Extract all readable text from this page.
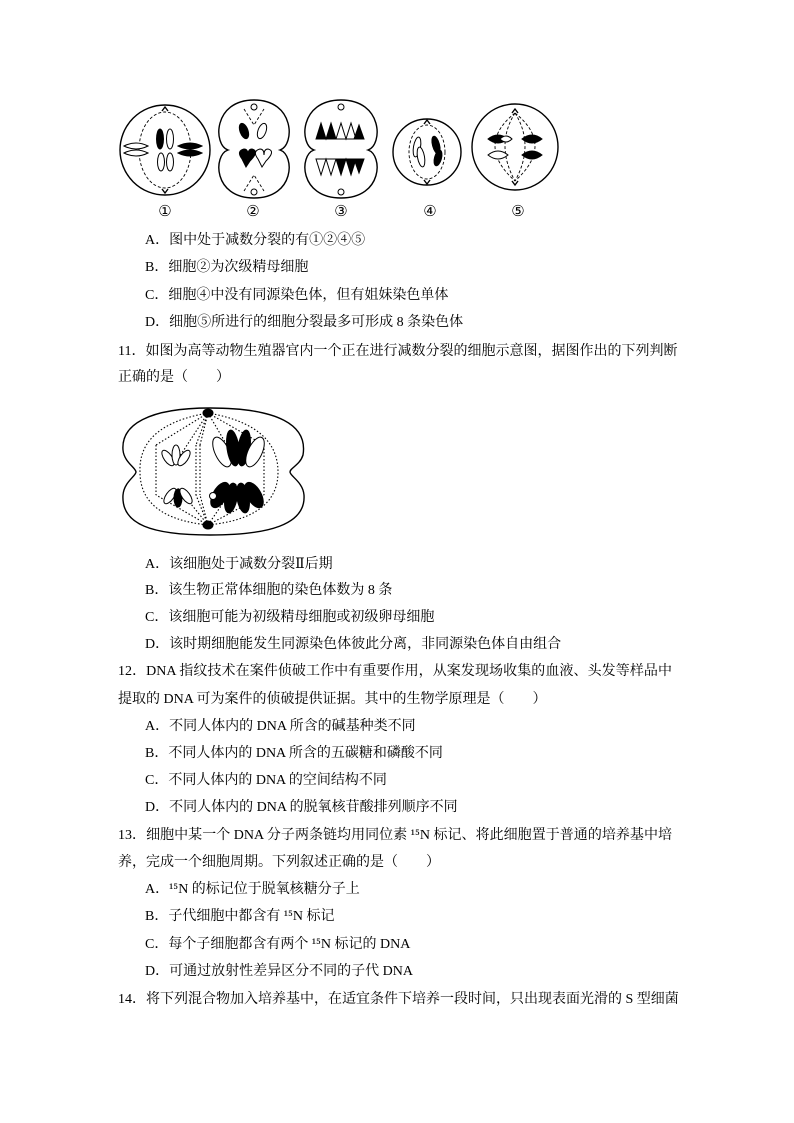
①	②	③	④	⑤
A．图中处于减数分裂的有①②④⑤
B．细胞②为次级精母细胞
C．细胞④中没有同源染色体，但有姐妹染色单体
D．细胞⑤所进行的细胞分裂最多可形成 8 条染色体
11．如图为高等动物生殖器官内一个正在进行减数分裂的细胞示意图，据图作出的下列判断
正确的是（　　）
A．该细胞处于减数分裂Ⅱ后期
B．该生物正常体细胞的染色体数为 8 条
C．该细胞可能为初级精母细胞或初级卵母细胞
D．该时期细胞能发生同源染色体彼此分离，非同源染色体自由组合
12．DNA 指纹技术在案件侦破工作中有重要作用，从案发现场收集的血液、头发等样品中
提取的 DNA 可为案件的侦破提供证据。其中的生物学原理是（　　）
A．不同人体内的 DNA 所含的碱基种类不同
B．不同人体内的 DNA 所含的五碳糖和磷酸不同
C．不同人体内的 DNA 的空间结构不同
D．不同人体内的 DNA 的脱氧核苷酸排列顺序不同
13．细胞中某一个 DNA 分子两条链均用同位素 ¹⁵N 标记、将此细胞置于普通的培养基中培
养，完成一个细胞周期。下列叙述正确的是（　　）
A．¹⁵N 的标记位于脱氧核糖分子上
B．子代细胞中都含有 ¹⁵N 标记
C．每个子细胞都含有两个 ¹⁵N 标记的 DNA
D．可通过放射性差异区分不同的子代 DNA
14．将下列混合物加入培养基中，在适宜条件下培养一段时间，只出现表面光滑的 S 型细菌
